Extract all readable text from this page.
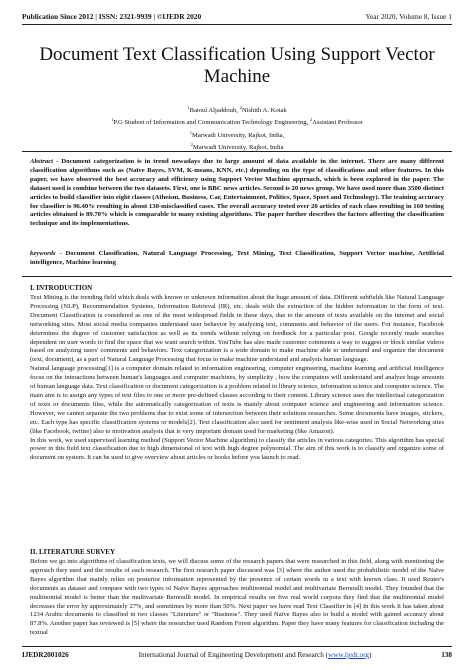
Publication Since 2012 | ISSN: 2321-9939 | ©IJEDR 2020	Year 2020, Volume 8, Issue 1
Document Text Classification Using Support Vector Machine
$^1$Batoul Aljaddouh, $^2$Nishith A. Kotak
$^1$P.G Student of Information and Communication Technology Engineering, $^2$Assistant Professor
$^1$Marwadi University, Rajkot, India,
$^2$Marwadi University, Rajkot, India
Abstract - Document categorization is in trend nowadays due to large amount of data available in the internet. There are many different classification algorithms such as (Naïve Bayes, SVM, K-means, KNN, etc.) depending on the type of classifications and other features. In this paper, we have observed the best accuracy and efficiency using Support Vector Machine approach, which is been explored in the paper. The dataset used is combine between the two datasets. First, one is BBC news articles. Second is 20 news group. We have used more than 3500 distinct articles to build classifier into eight classes (Atheism, Business, Car, Entertainment, Politics, Space, Sport and Technology). The training accuracy for classifier is 96.40% resulting in about 130-misclassified cases. The overall accuracy tested over 20 articles of each class resulting in 160 testing articles obtained is 89.70% which is comparable to many existing algorithms. The paper further describes the factors affecting the classification technique and its implementations.
keywords - Document Classification, Natural Language Processing, Text Mining, Text Classification, Support Vector machine, Artificial intelligence, Machine learning
I. INTRODUCTION

Text Mining is the trending field which deals with known or unknown information about the huge amount of data. Different subfields like Natural Language Processing (NLP), Recommendation Systems, Information Retrieval (IR), etc. deals with the extraction of the hidden information in the form of text. Document Classification is considered as one of the most widespread fields in these days, due to the amount of texts available on the internet and social networking sites. Most social media companies understand user behavior by analyzing text, comments and behavior of the users. For instance, Facebook determines the degree of customer satisfaction as well as its trends without relying on feedback for a particular post. Google recently made searches dependent on user words to find the space that we want search within. YouTube has also made customer comments a way to suggest or block similar videos based on analyzing users' comments and behaviors. Text categorization is a wide domain to make machine able to understand and organize the document (text, document), as a part of Natural Language Processing that focus to make machine understand and analysis human language.

Natural language processing[1] is a computer domain related to information engineering, computer engineering, machine learning and artificial intelligence focus on the interactions between human's languages and computer machines, by simplicity , how the computers will understand and analyze huge amounts of human language data. Text classification or document categorization is a problem related to library science, information science and computer science. The main aim is to assign any types of text files to one or more pre-defined classes according to their content. Library science uses the intellectual categorization of texts or documents files, while the automatically categorization of texts is mainly about computer science and engineering and information science. However, we cannot separate the two problems due to exist some of intersection between their solutions researches. Some documents have images, stickers, etc. Each type has specific classification systems or models[2]. Text classification also used for sentiment analysis like-wise used in Social Networking sites (like Facebook, twitter) also to motivation analysis that is very important domain used for marketing (like Amazon).

In this work, we used supervised learning method (Support Vector Machine algorithm) to classify the articles in various categories. This algorithm has special power in this field text classification due to high dimensional of text with high degree polynomial. The aim of this work is to classify and organize some of document on system. It can be used to give overview about articles or books before you launch to read.

II. LITERATURE SURVEY

Before we go into algorithms of classification texts, we will discuss some of the research papers that were researched in this field, along with mentioning the approach they used and the results of each research. The first research paper discussed was [3] where the author used the probabilistic model of the Naïve Bayes algorithm that mainly relies on posterior information represented by the presence of certain words in a text with known class. It used Reuter's documents as dataset and compare with two types of Naïve Bayes approaches multinomial model and multivariate Bernoulli model. They founded that the multinomial model is better than the multivariate Bernoulli model. In empirical results on five real world corpora they find that the multinomial model decreases the error by approximately 27%, and sometimes by more than 50%. Next paper we have read Text Classifier in [4] In this work It has taken about 1234 Arabic documents to classified in two classes "Literature" or "Business". They used Naïve Bayes also to build a model with gained accuracy about 87.8%. Another paper has reviewed is [5] where the researcher used Random Forest algorithm. Paper they have many features for classification including the textual

IJEDR2001026	International Journal of Engineering Development and Research (www.ijedr.org)	138
